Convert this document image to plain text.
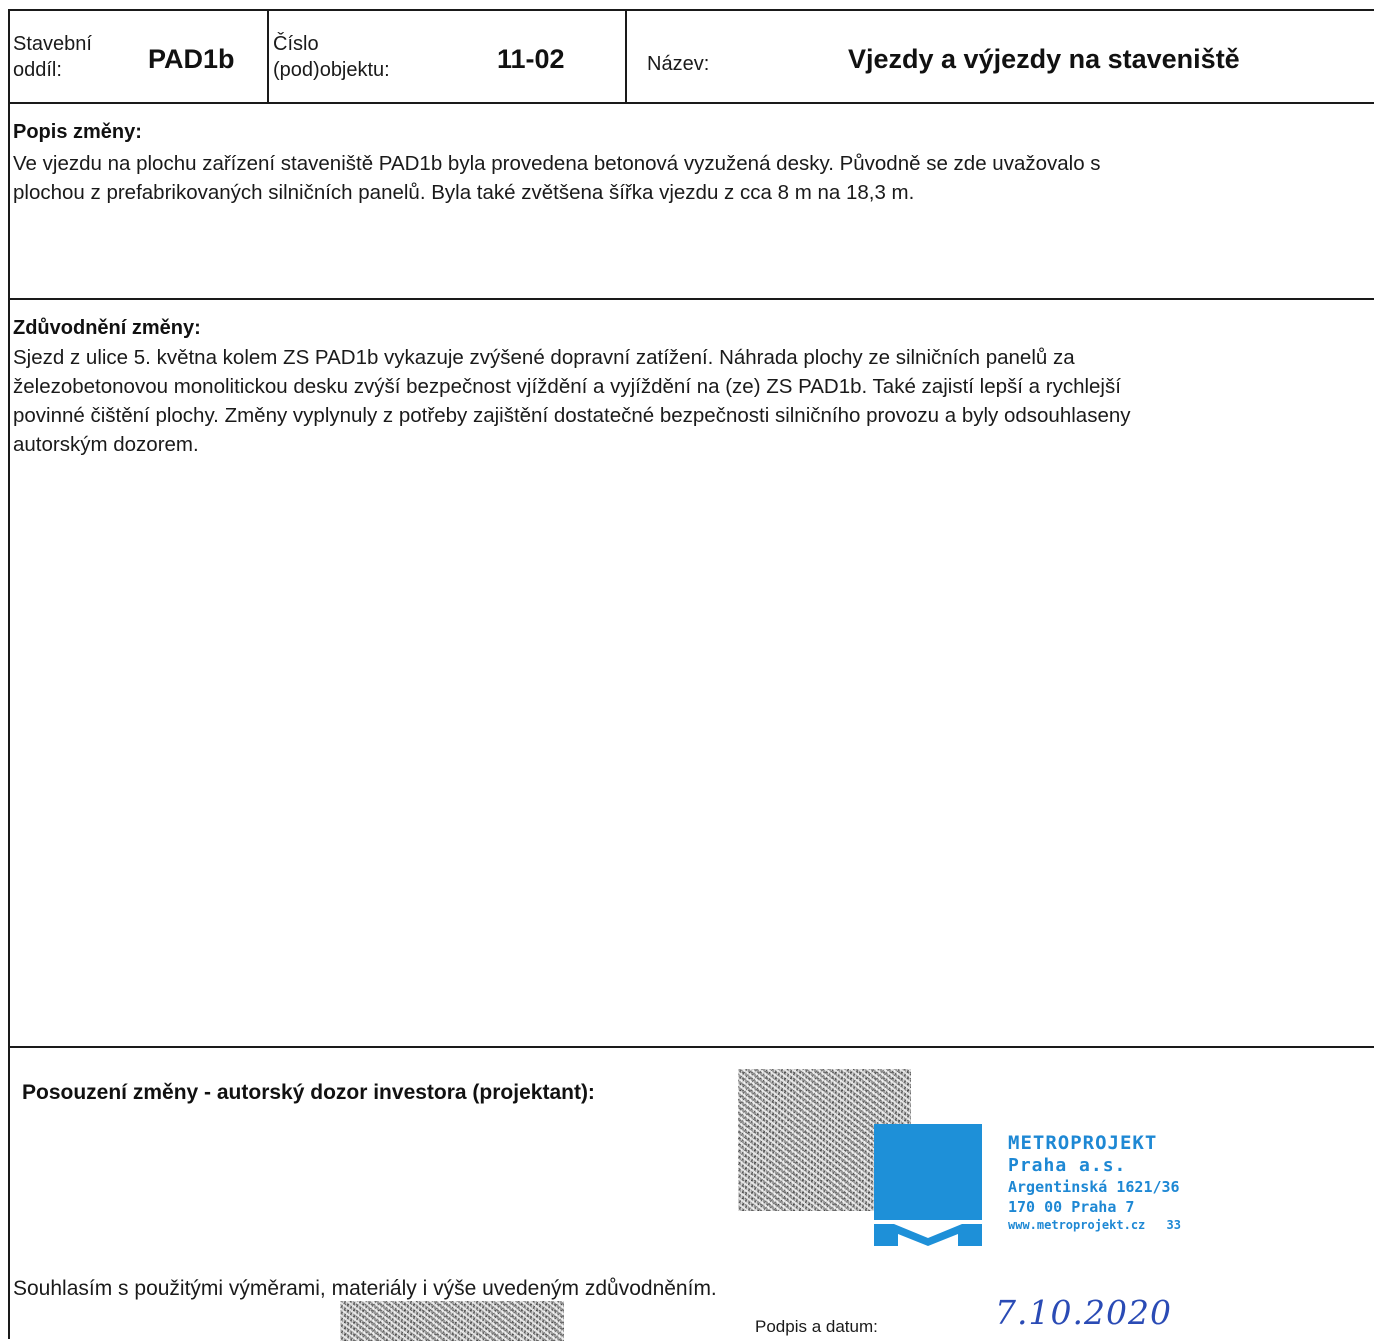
Stavební
oddíl:	PAD1b Číslo
(pod)objektu:	11-02	Název:	Vjezdy a výjezdy na staveniště
Popis změny:
Ve vjezdu na plochu zařízení staveniště PAD1b byla provedena betonová vyzužená desky. Původně se zde uvažovalo s
plochou z prefabrikovaných silničních panelů. Byla také zvětšena šířka vjezdu z cca 8 m na 18,3 m.
Zdůvodnění změny:
Sjezd z ulice 5. května kolem ZS PAD1b vykazuje zvýšené dopravní zatížení. Náhrada plochy ze silničních panelů za
železobetonovou monolitickou desku zvýší bezpečnost vjíždění a vyjíždění na (ze) ZS PAD1b. Také zajistí lepší a rychlejší
povinné čištění plochy. Změny vyplynuly z potřeby zajištění dostatečné bezpečnosti silničního provozu a byly odsouhlaseny
autorským dozorem.
Posouzení změny - autorský dozor investora (projektant):
METROPROJEKT
Praha a.s.
Argentinská 1621/36
170 00 Praha 7
www.metroprojekt.cz 33
Souhlasím s použitými výměrami, materiály i výše uvedeným zdůvodněním.
Podpis a datum:	7.10.2020
